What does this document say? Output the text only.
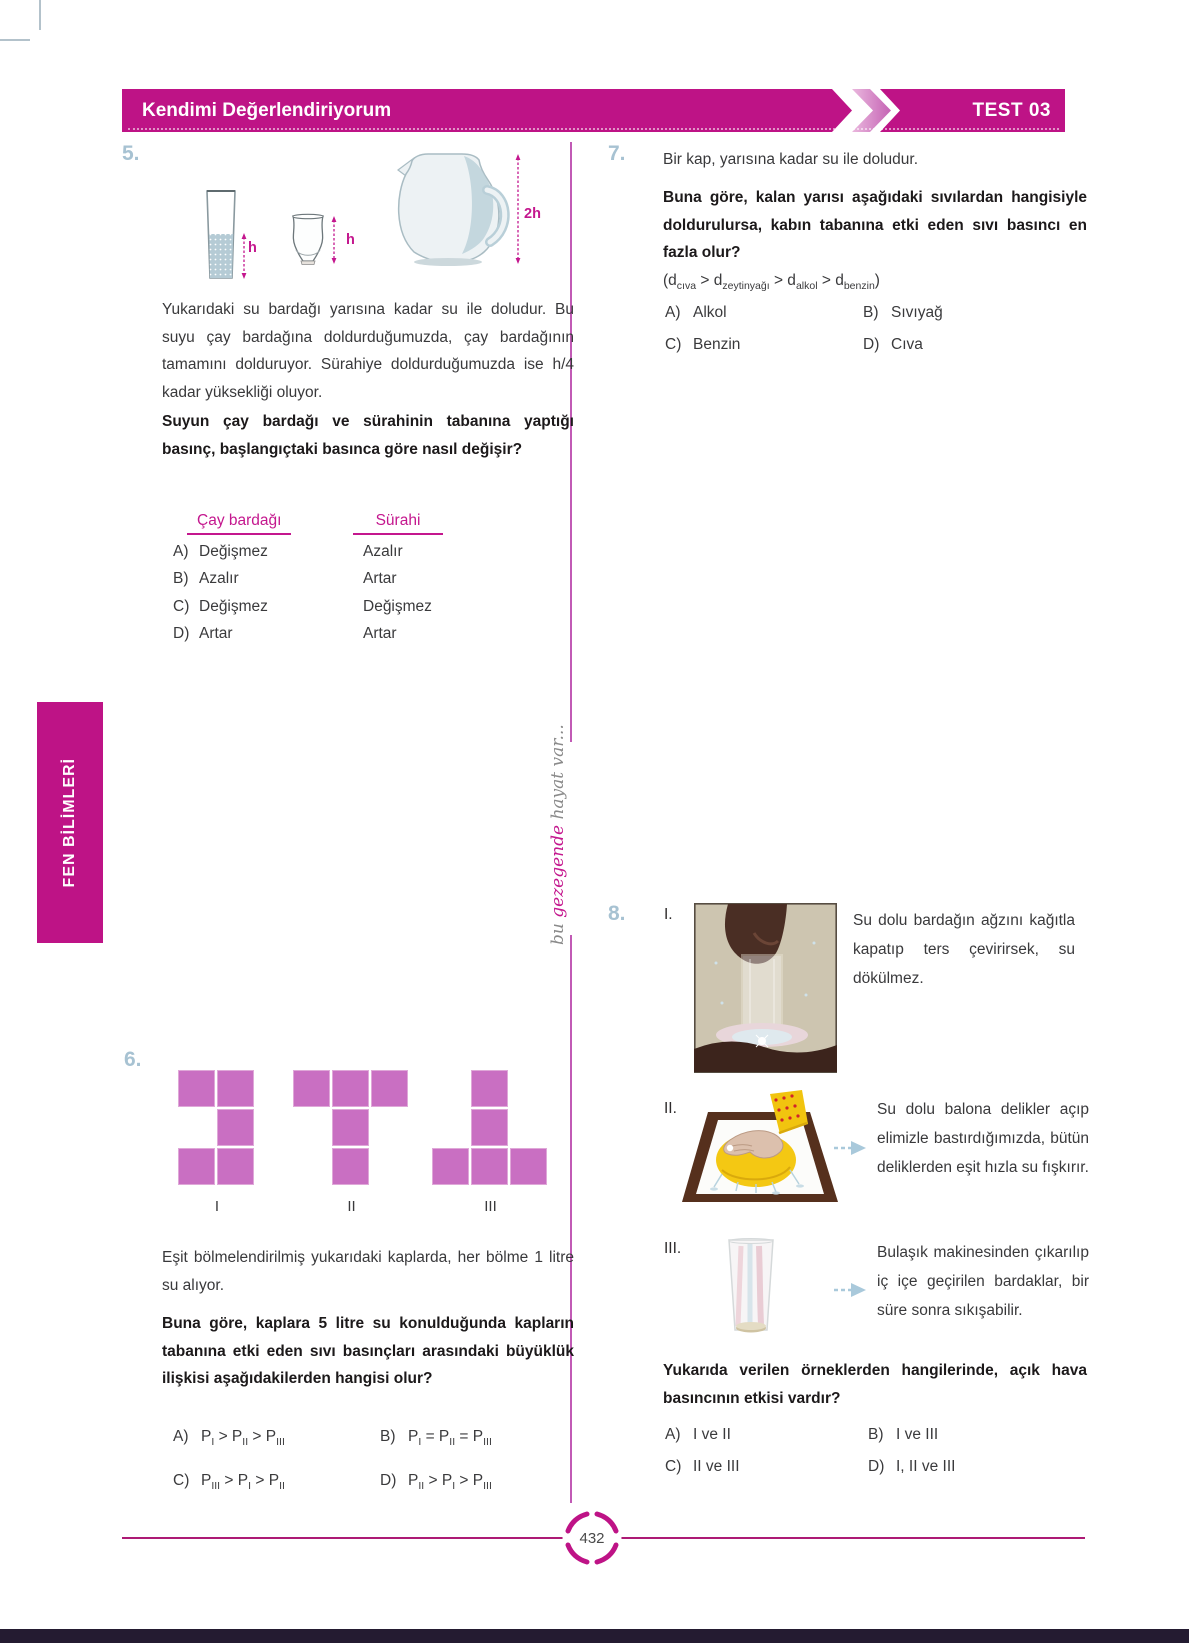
Kendimi Değerlendiriyorum	TEST 03
FEN BİLİMLERİ
bu gezegende hayat var...
5.
h	h
2h
Yukarıdaki su bardağı yarısına kadar su ile doludur. Bu suyu çay bardağına doldurduğumuzda, çay bardağının tamamını dolduruyor. Sürahiye doldurduğumuzda ise h/4 kadar yüksekliği oluyor.
Suyun çay bardağı ve sürahinin tabanına yaptığı basınç, başlangıçtaki basınca göre nasıl değişir?
Çay bardağı	Sürahi
A) Değişmez	Azalır
B) Azalır	Artar
C) Değişmez	Değişmez
D) Artar	Artar
6.
I	II	III
Eşit bölmelendirilmiş yukarıdaki kaplarda, her bölme 1 litre su alıyor.
Buna göre, kaplara 5 litre su konulduğunda kapların tabanına etki eden sıvı basınçları arasındaki büyüklük ilişkisi aşağıdakilerden hangisi olur?
A) $P_I > P_{II} > P_{III}$	B) $P_I = P_{II} = P_{III}$
C) $P_{III} > P_I > P_{II}$	D) $P_{II} > P_I > P_{III}$
7. Bir kap, yarısına kadar su ile doludur.
Buna göre, kalan yarısı aşağıdaki sıvılardan hangisiyle doldurulursa, kabın tabanına etki eden sıvı basıncı en fazla olur?
$(d_{cıva} > d_{zeytinyağı} > d_{alkol} > d_{benzin})$
A) Alkol	B) Sıvıyağ
C) Benzin	D) Cıva
8. I.	Su dolu bardağın ağzını kağıtla kapatıp ters çevirirsek, su dökülmez.
II.	Su dolu balona delikler açıp elimizle bastırdığımızda, bütün deliklerden eşit hızla su fışkırır.
III.	Bulaşık makinesinden çıkarılıp iç içe geçirilen bardaklar, bir süre sonra sıkışabilir.
Yukarıda verilen örneklerden hangilerinde, açık hava basıncının etkisi vardır?
A) I ve II	B) I ve III
C) II ve III	D) I, II ve III
432
